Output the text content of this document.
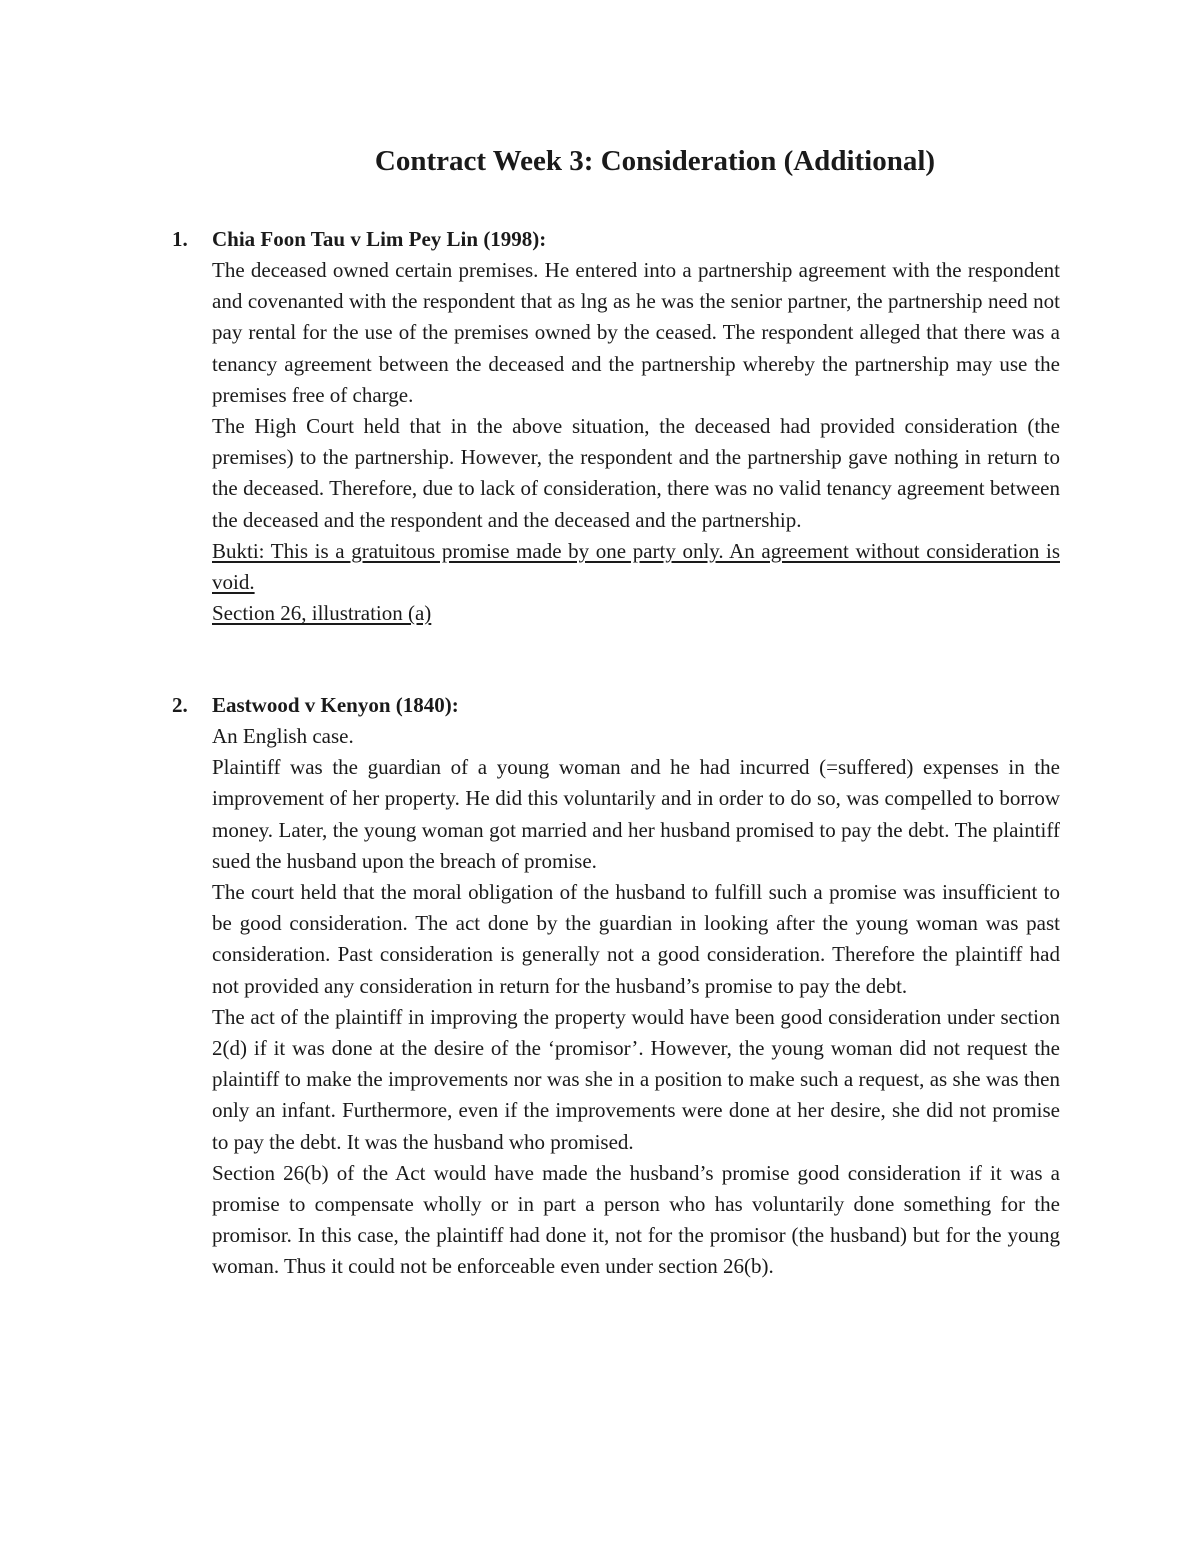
Contract Week 3: Consideration (Additional)
1. Chia Foon Tau v Lim Pey Lin (1998):

The deceased owned certain premises. He entered into a partnership agreement with the respondent and covenanted with the respondent that as lng as he was the senior partner, the partnership need not pay rental for the use of the premises owned by the ceased. The respondent alleged that there was a tenancy agreement between the deceased and the partnership whereby the partnership may use the premises free of charge.

The High Court held that in the above situation, the deceased had provided consideration (the premises) to the partnership. However, the respondent and the partnership gave nothing in return to the deceased. Therefore, due to lack of consideration, there was no valid tenancy agreement between the deceased and the respondent and the deceased and the partnership.

Bukti: This is a gratuitous promise made by one party only. An agreement without consideration is void.

Section 26, illustration (a)

2. Eastwood v Kenyon (1840):

An English case.

Plaintiff was the guardian of a young woman and he had incurred (=suffered) expenses in the improvement of her property. He did this voluntarily and in order to do so, was compelled to borrow money. Later, the young woman got married and her husband promised to pay the debt. The plaintiff sued the husband upon the breach of promise.

The court held that the moral obligation of the husband to fulfill such a promise was insufficient to be good consideration. The act done by the guardian in looking after the young woman was past consideration. Past consideration is generally not a good consideration. Therefore the plaintiff had not provided any consideration in return for the husband’s promise to pay the debt.

The act of the plaintiff in improving the property would have been good consideration under section 2(d) if it was done at the desire of the ‘promisor’. However, the young woman did not request the plaintiff to make the improvements nor was she in a position to make such a request, as she was then only an infant. Furthermore, even if the improvements were done at her desire, she did not promise to pay the debt. It was the husband who promised.

Section 26(b) of the Act would have made the husband’s promise good consideration if it was a promise to compensate wholly or in part a person who has voluntarily done something for the promisor. In this case, the plaintiff had done it, not for the promisor (the husband) but for the young woman. Thus it could not be enforceable even under section 26(b).
